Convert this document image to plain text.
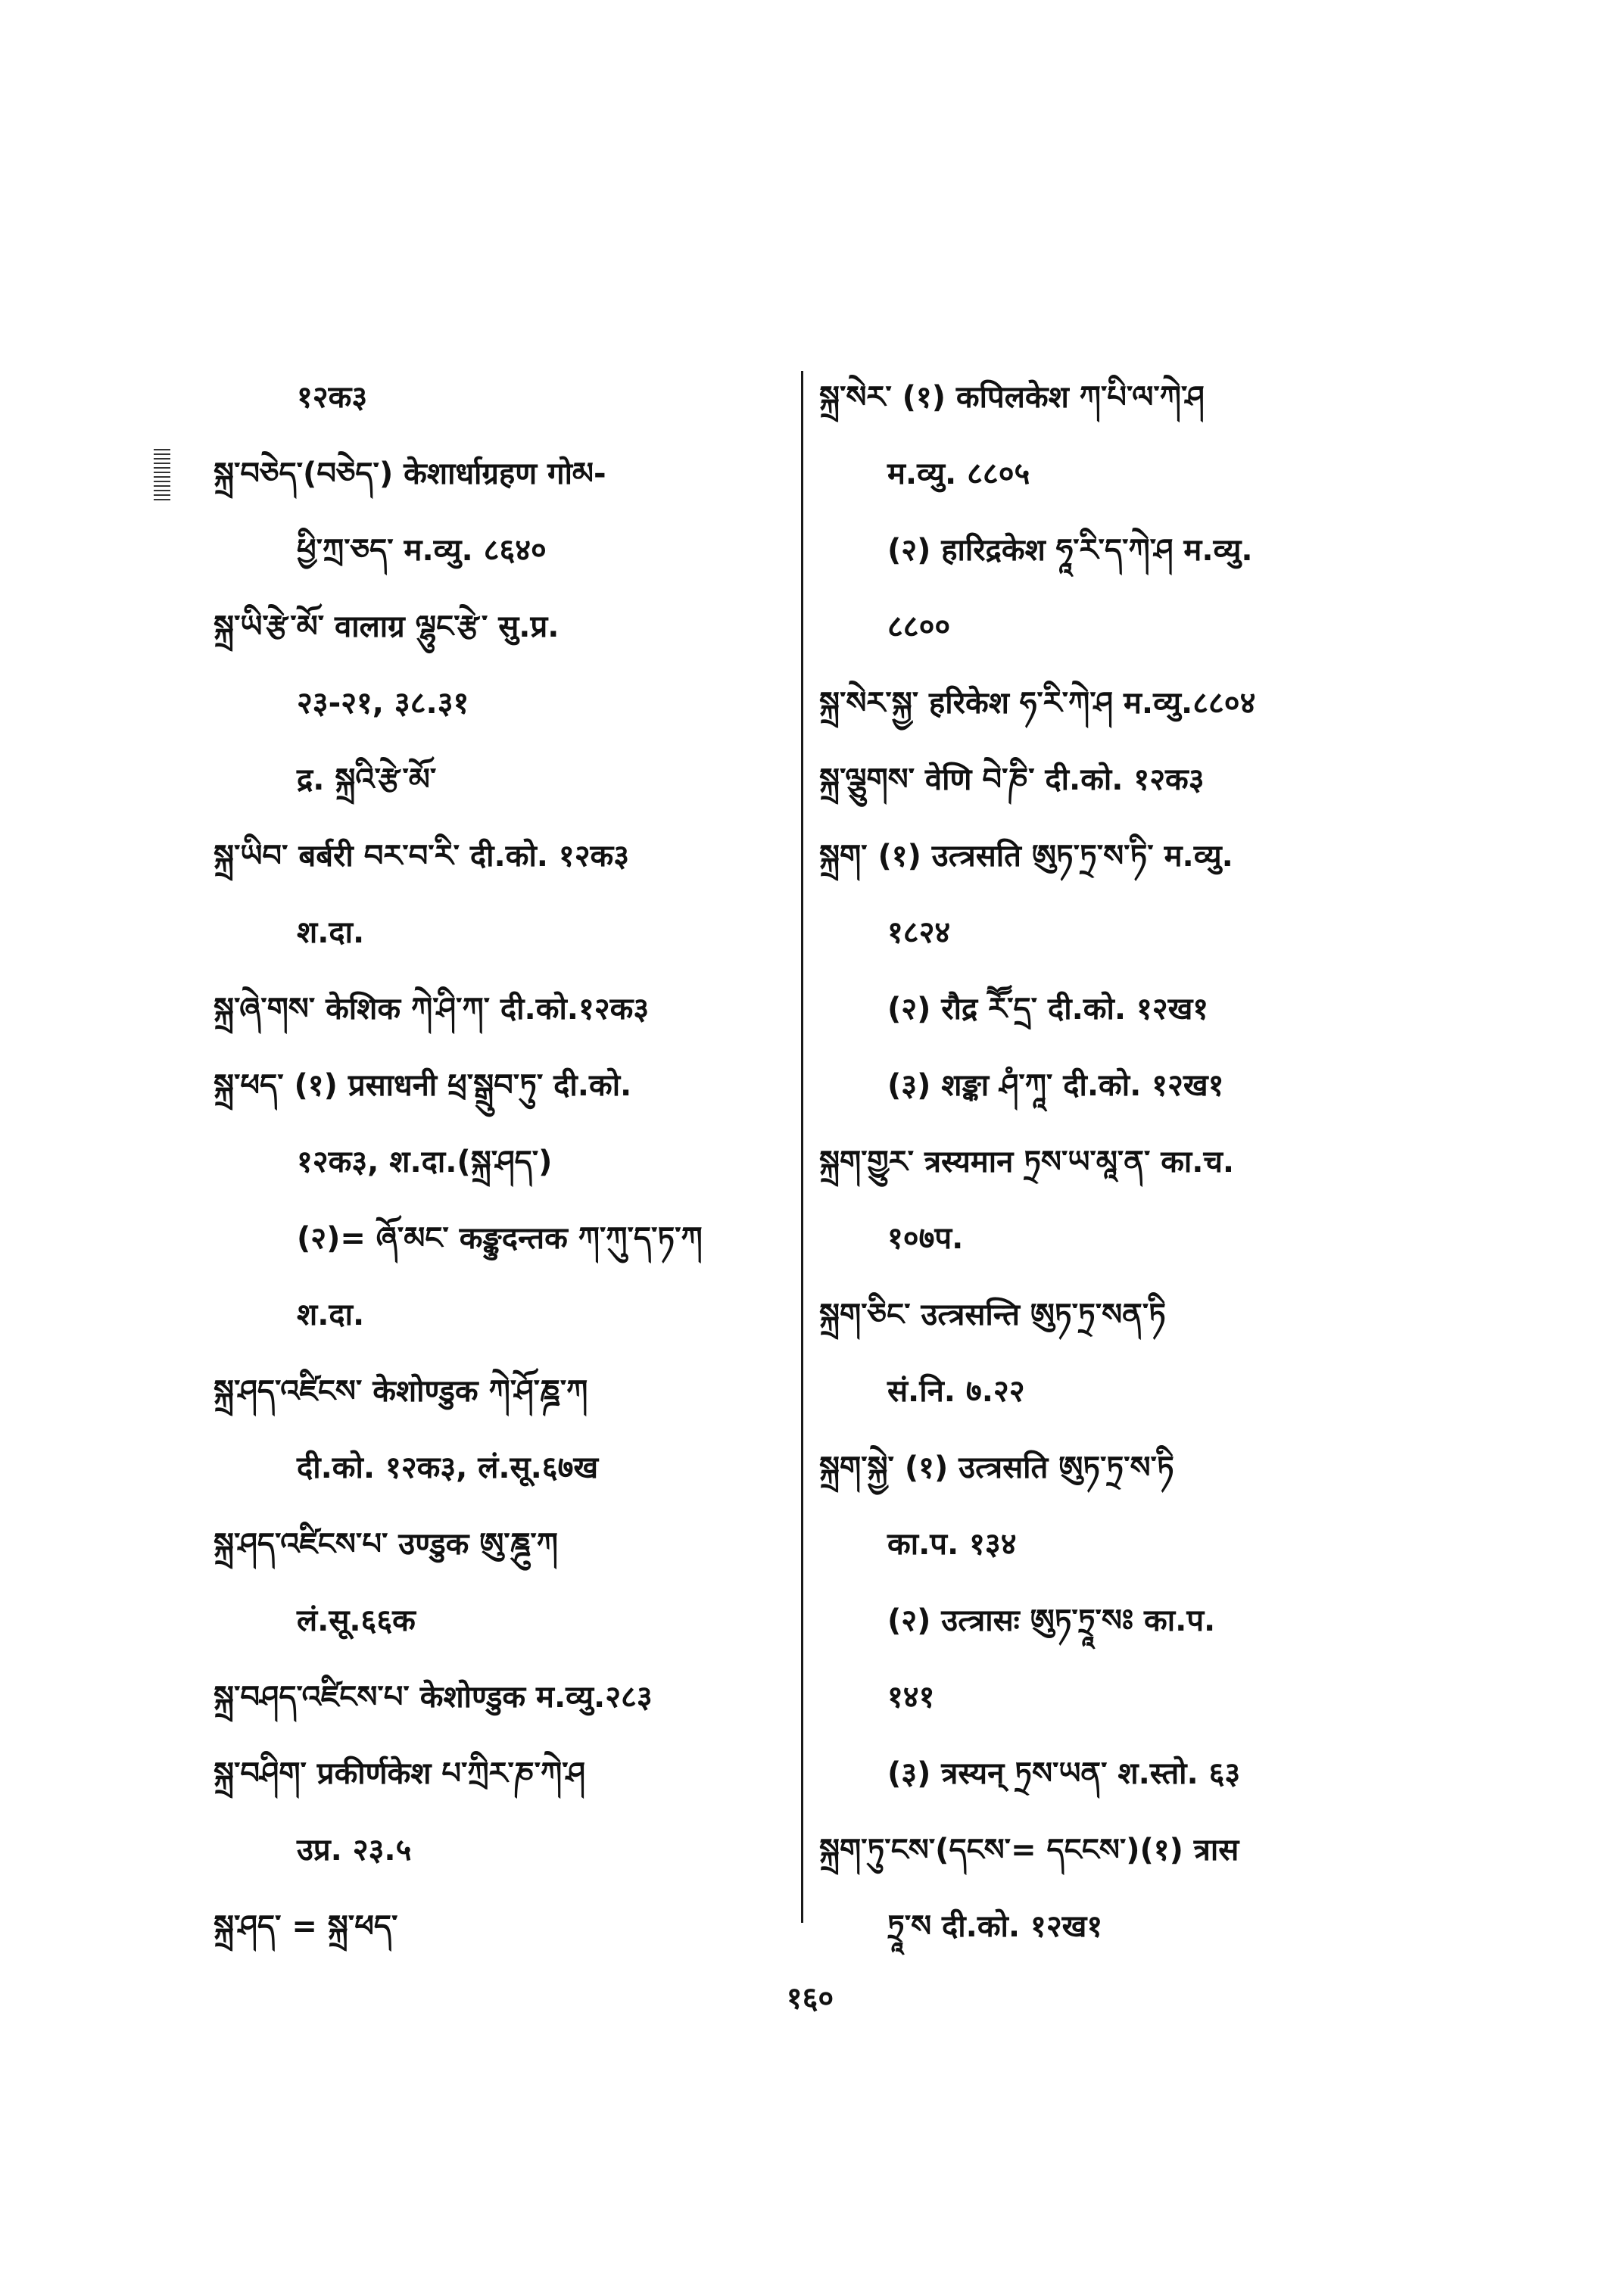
१२क३
སྐྲ་བཅེད་(བཅེད་) केशार्धाग्रहण गोམ-
ཕྱི་ཀྲ་ཅད་ म.व्यु. ८६४०
སྐྲ་ཡི་རྩེ་མོ་ वालाग्र ལྷུང་རྩེ་ सु.प्र.
२३-२१, ३८.३१
द्र. སྐྲའི་རྩེ་མོ་
སྐྲ་ཡིབ་ बर्बरी བར་བ་རི་ दी.को. १२क३
श.दा.
སྐྲ་ཞེ་གས་ केशिक ཀེ་ཤི་ཀ་ दी.को.१२क३
སྐྲ་ཕད་ (१) प्रसाधनी ཕྲ་སྒྲུབ་ཏུ་ दी.को.
१२क३, श.दा.(སྐྲ་ཤད་)
(२)= ཞོ་མང་ कङ्कुदन्तक ཀ་ཀུ་ད་ཏ་ཀ
श.दा.
སྐྲ་ཤད་འཛིངས་ केशोण्डुक ཀེ་ཤོ་ཎྜ་ཀ
दी.को. १२क३, लं.सू.६७ख
སྐྲ་ཤད་འཛིངས་པ་ उण्डुक ཨུ་ཎྜུ་ཀ
लं.सू.६६क
སྐྲ་བཤད་འཛིངས་པ་ केशोण्डुक म.व्यु.२८३
སྐྲ་བཤིག་ प्रकीर्णकेश པ་ཀྲིར་ཎ་ཀེ་ཤ
उप्र. २३.५
སྐྲ་ཤད་ = སྐྲ་ཕད་
སྐྲ་སེར་ (१) कपिलकेश ཀ་པི་ལ་ཀེ་ཤ
म.व्यु. ८८०५
(२) हारिद्रकेश ཧཱ་རི་ད་ཀེ་ཤ म.व्यु.
८८००
སྐྲ་སེར་སྐྱ་ हरिकेश ཧ་རི་ཀེ་ཤ म.व्यु.८८०४
སྐྲ་ལྕུགས་ वेणि བེ་ཎི་ दी.को. १२क३
སྐྲག་ (१) उत्त्रसति ཨུཏ་ཏྲ་ས་ཏི་ म.व्यु.
१८२४
(२) रौद्र རཽ་དྲ་ दी.को. १२ख१
(३) शङ्का ཤཾ་ཀཱ་ दी.को. १२ख१
སྐྲག་གྱུར་ त्रस्यमान ཏྲས་ཡ་མཱ་ན་ का.च.
१०७प.
སྐྲག་ཅིང་ उत्त्रसन्ति ཨུཏ་ཏྲ་སན་ཏི
सं.नि. ७.२२
སྐྲག་སྐྱེ་ (१) उत्त्रसति ཨུཏ་ཏྲ་ས་ཏི
का.प. १३४
(२) उत्त्रासः ཨུཏ་ཏྲཱ་སཿ का.प.
१४१
(३) त्रस्यन् ཏྲས་ཡན་ श.स्तो. ६३
སྐྲག་ཏུ་ངས་(དངས་= དངངས་)(१) त्रास
ཏྲཱ་ས दी.को. १२ख१
१६०
